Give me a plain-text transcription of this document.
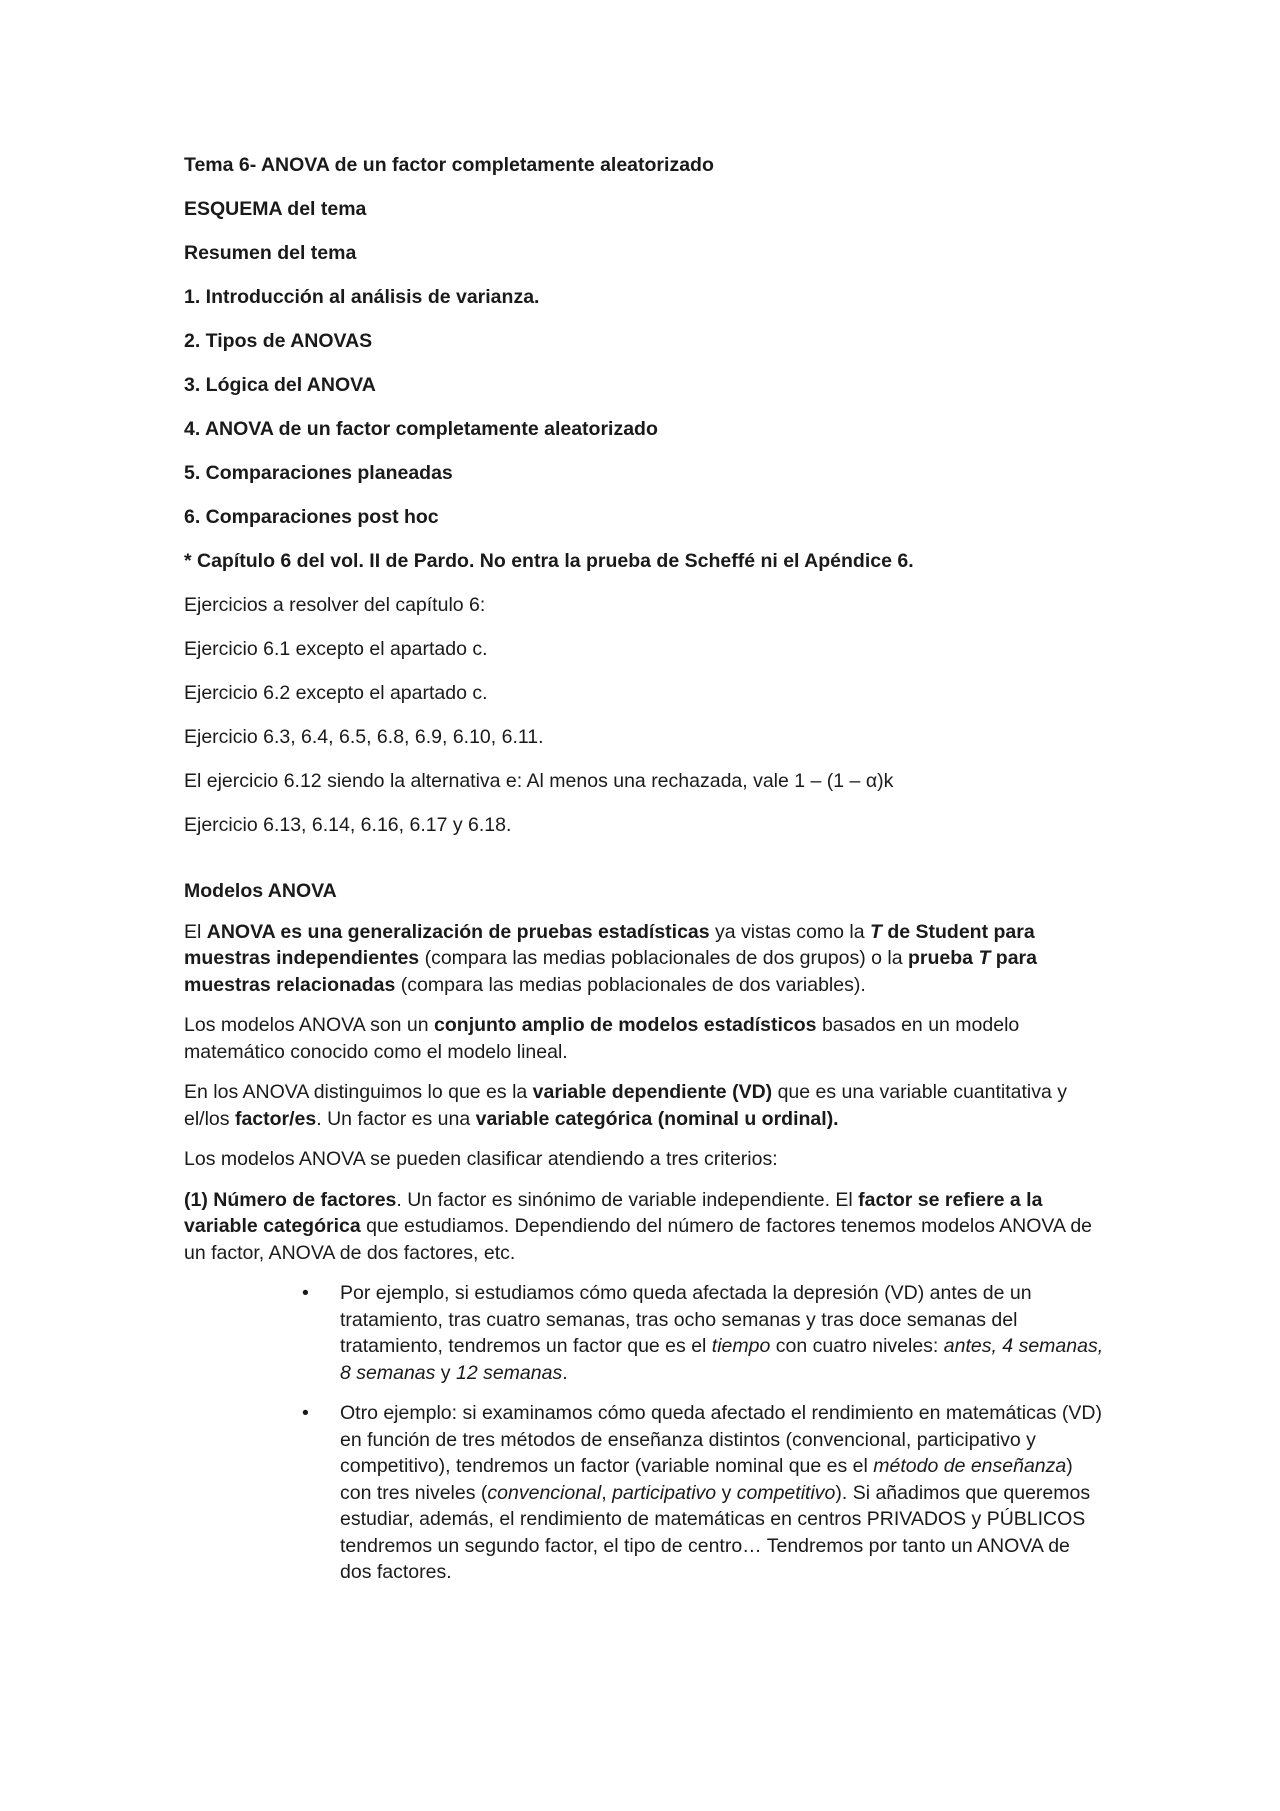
Tema 6- ANOVA de un factor completamente aleatorizado
ESQUEMA del tema
Resumen del tema
1. Introducción al análisis de varianza.
2. Tipos de ANOVAS
3. Lógica del ANOVA
4. ANOVA de un factor completamente aleatorizado
5. Comparaciones planeadas
6. Comparaciones post hoc
* Capítulo 6 del vol. II de Pardo. No entra la prueba de Scheffé ni el Apéndice 6.
Ejercicios a resolver del capítulo 6:
Ejercicio 6.1 excepto el apartado c.
Ejercicio 6.2 excepto el apartado c.
Ejercicio 6.3, 6.4, 6.5, 6.8, 6.9, 6.10, 6.11.
El ejercicio 6.12 siendo la alternativa e: Al menos una rechazada, vale 1 – (1 – α)k
Ejercicio 6.13, 6.14, 6.16, 6.17 y 6.18.
Modelos ANOVA

El ANOVA es una generalización de pruebas estadísticas ya vistas como la T de Student para muestras independientes (compara las medias poblacionales de dos grupos) o la prueba T para muestras relacionadas (compara las medias poblacionales de dos variables).

Los modelos ANOVA son un conjunto amplio de modelos estadísticos basados en un modelo matemático conocido como el modelo lineal.

En los ANOVA distinguimos lo que es la variable dependiente (VD) que es una variable cuantitativa y el/los factor/es. Un factor es una variable categórica (nominal u ordinal).

Los modelos ANOVA se pueden clasificar atendiendo a tres criterios:

(1) Número de factores. Un factor es sinónimo de variable independiente. El factor se refiere a la variable categórica que estudiamos. Dependiendo del número de factores tenemos modelos ANOVA de un factor, ANOVA de dos factores, etc.

• Por ejemplo, si estudiamos cómo queda afectada la depresión (VD) antes de un tratamiento, tras cuatro semanas, tras ocho semanas y tras doce semanas del tratamiento, tendremos un factor que es el tiempo con cuatro niveles: antes, 4 semanas, 8 semanas y 12 semanas.
• Otro ejemplo: si examinamos cómo queda afectado el rendimiento en matemáticas (VD) en función de tres métodos de enseñanza distintos (convencional, participativo y competitivo), tendremos un factor (variable nominal que es el método de enseñanza) con tres niveles (convencional, participativo y competitivo). Si añadimos que queremos estudiar, además, el rendimiento de matemáticas en centros PRIVADOS y PÚBLICOS tendremos un segundo factor, el tipo de centro… Tendremos por tanto un ANOVA de dos factores.
